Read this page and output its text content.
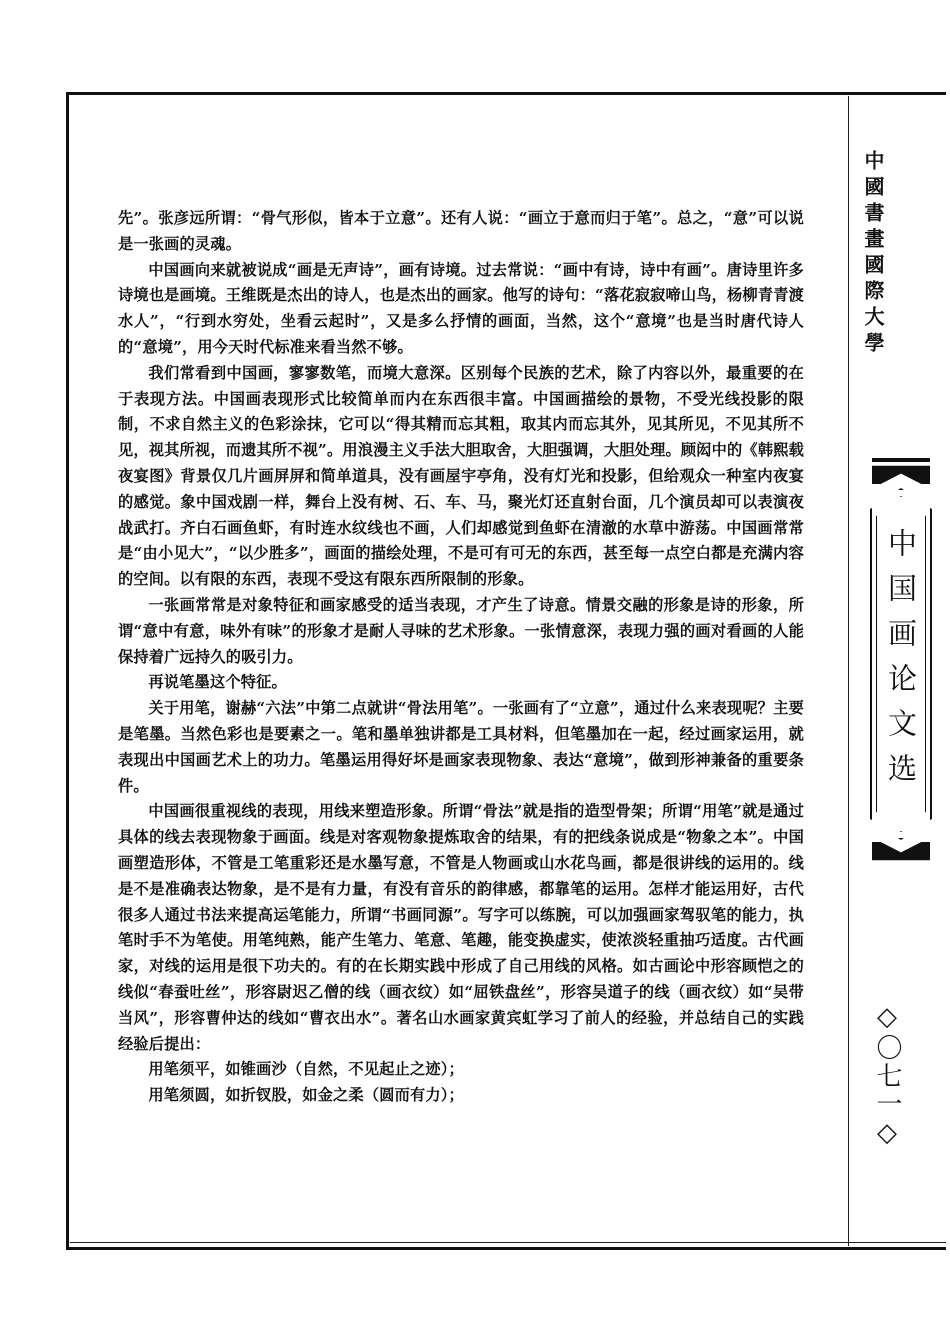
先”。张彦远所谓：“骨气形似，皆本于立意”。还有人说：“画立于意而归于笔”。总之，“意”可以说是一张画的灵魂。

中国画向来就被说成“画是无声诗”，画有诗境。过去常说：“画中有诗，诗中有画”。唐诗里许多诗境也是画境。王维既是杰出的诗人，也是杰出的画家。他写的诗句：“落花寂寂啼山鸟，杨柳青青渡水人”，“行到水穷处，坐看云起时”，又是多么抒情的画面，当然，这个“意境”也是当时唐代诗人的“意境”，用今天时代标准来看当然不够。

我们常看到中国画，寥寥数笔，而境大意深。区别每个民族的艺术，除了内容以外，最重要的在于表现方法。中国画表现形式比较简单而内在东西很丰富。中国画描绘的景物，不受光线投影的限制，不求自然主义的色彩涂抹，它可以“得其精而忘其粗，取其内而忘其外，见其所见，不见其所不见，视其所视，而遗其所不视”。用浪漫主义手法大胆取舍，大胆强调，大胆处理。顾闳中的《韩熙载夜宴图》背景仅几片画屏屏和简单道具，没有画屋宇亭角，没有灯光和投影，但给观众一种室内夜宴的感觉。象中国戏剧一样，舞台上没有树、石、车、马，聚光灯还直射台面，几个演员却可以表演夜战武打。齐白石画鱼虾，有时连水纹线也不画，人们却感觉到鱼虾在清澈的水草中游荡。中国画常常是“由小见大”，“以少胜多”，画面的描绘处理，不是可有可无的东西，甚至每一点空白都是充满内容的空间。以有限的东西，表现不受这有限东西所限制的形象。

一张画常常是对象特征和画家感受的适当表现，才产生了诗意。情景交融的形象是诗的形象，所谓“意中有意，味外有味”的形象才是耐人寻味的艺术形象。一张情意深，表现力强的画对看画的人能保持着广远持久的吸引力。

再说笔墨这个特征。

关于用笔，谢赫“六法”中第二点就讲“骨法用笔”。一张画有了“立意”，通过什么来表现呢？主要是笔墨。当然色彩也是要素之一。笔和墨单独讲都是工具材料，但笔墨加在一起，经过画家运用，就表现出中国画艺术上的功力。笔墨运用得好坏是画家表现物象、表达“意境”，做到形神兼备的重要条件。

中国画很重视线的表现，用线来塑造形象。所谓“骨法”就是指的造型骨架；所谓“用笔”就是通过具体的线去表现物象于画面。线是对客观物象提炼取舍的结果，有的把线条说成是“物象之本”。中国画塑造形体，不管是工笔重彩还是水墨写意，不管是人物画或山水花鸟画，都是很讲线的运用的。线是不是准确表达物象，是不是有力量，有没有音乐的韵律感，都靠笔的运用。怎样才能运用好，古代很多人通过书法来提高运笔能力，所谓“书画同源”。写字可以练腕，可以加强画家驾驭笔的能力，执笔时手不为笔使。用笔纯熟，能产生笔力、笔意、笔趣，能变换虚实，使浓淡轻重抽巧适度。古代画家，对线的运用是很下功夫的。有的在长期实践中形成了自己用线的风格。如古画论中形容顾恺之的线似“春蚕吐丝”，形容尉迟乙僧的线（画衣纹）如“屈铁盘丝”，形容吴道子的线（画衣纹）如“吴带当风”，形容曹仲达的线如“曹衣出水”。著名山水画家黄宾虹学习了前人的经验，并总结自己的实践经验后提出：

用笔须平，如锥画沙（自然，不见起止之迹）；

用笔须圆，如折钗股，如金之柔（圆而有力）；

中國書畫國際大學
中国画论文选
◇〇七一◇
